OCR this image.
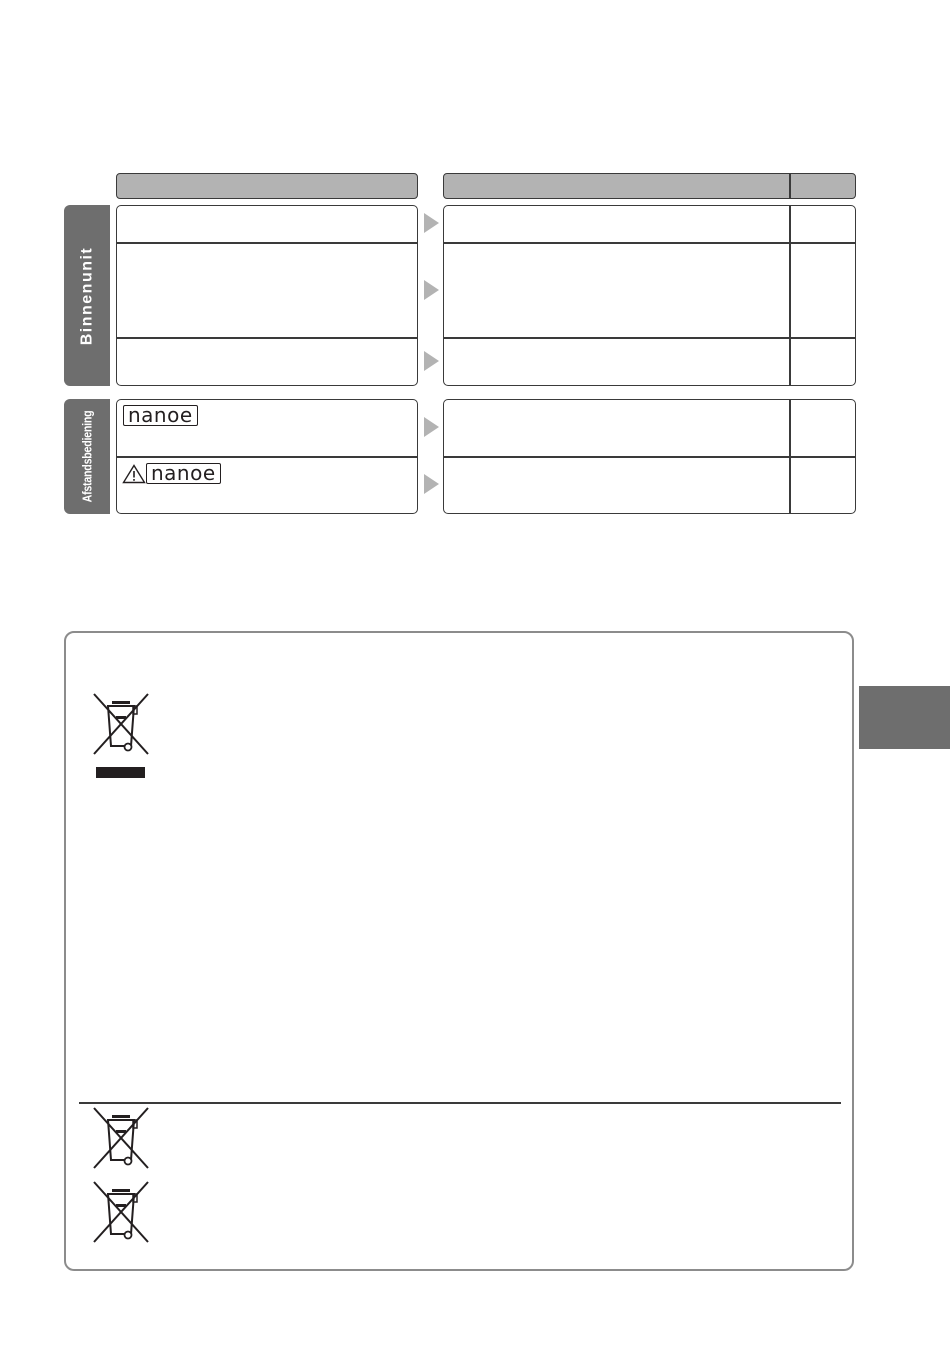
Binnenunit
Afstandsbediening nanoe
nanoe
